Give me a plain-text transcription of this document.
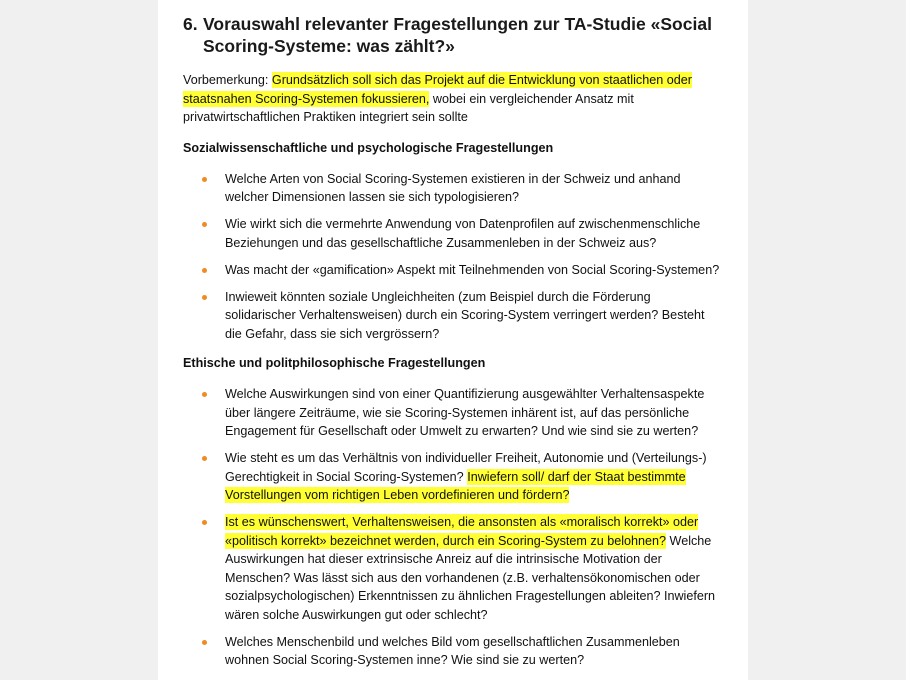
6. Vorauswahl relevanter Fragestellungen zur TA-Studie «Social Scoring-Systeme: was zählt?»

Vorbemerkung: Grundsätzlich soll sich das Projekt auf die Entwicklung von staatlichen oder staatsnahen Scoring-Systemen fokussieren, wobei ein vergleichender Ansatz mit privatwirtschaftlichen Praktiken integriert sein sollte

Sozialwissenschaftliche und psychologische Fragestellungen
Welche Arten von Social Scoring-Systemen existieren in der Schweiz und anhand welcher Dimensionen lassen sie sich typologisieren?
Wie wirkt sich die vermehrte Anwendung von Datenprofilen auf zwischenmenschliche Beziehungen und das gesellschaftliche Zusammenleben in der Schweiz aus?
Was macht der «gamification» Aspekt mit Teilnehmenden von Social Scoring-Systemen?
Inwieweit könnten soziale Ungleichheiten (zum Beispiel durch die Förderung solidarischer Verhaltensweisen) durch ein Scoring-System verringert werden? Besteht die Gefahr, dass sie sich vergrössern?
Ethische und politphilosophische Fragestellungen
Welche Auswirkungen sind von einer Quantifizierung ausgewählter Verhaltensaspekte über längere Zeiträume, wie sie Scoring-Systemen inhärent ist, auf das persönliche Engagement für Gesellschaft oder Umwelt zu erwarten? Und wie sind sie zu werten?
Wie steht es um das Verhältnis von individueller Freiheit, Autonomie und (Verteilungs-) Gerechtigkeit in Social Scoring-Systemen? Inwiefern soll/ darf der Staat bestimmte Vorstellungen vom richtigen Leben vordefinieren und fördern?
Ist es wünschenswert, Verhaltensweisen, die ansonsten als «moralisch korrekt» oder «politisch korrekt» bezeichnet werden, durch ein Scoring-System zu belohnen? Welche Auswirkungen hat dieser extrinsische Anreiz auf die intrinsische Motivation der Menschen? Was lässt sich aus den vorhandenen (z.B. verhaltensökonomischen oder sozialpsychologischen) Erkenntnissen zu ähnlichen Fragestellungen ableiten? Inwiefern wären solche Auswirkungen gut oder schlecht?
Welches Menschenbild und welches Bild vom gesellschaftlichen Zusammenleben wohnen Social Scoring-Systemen inne? Wie sind sie zu werten?
